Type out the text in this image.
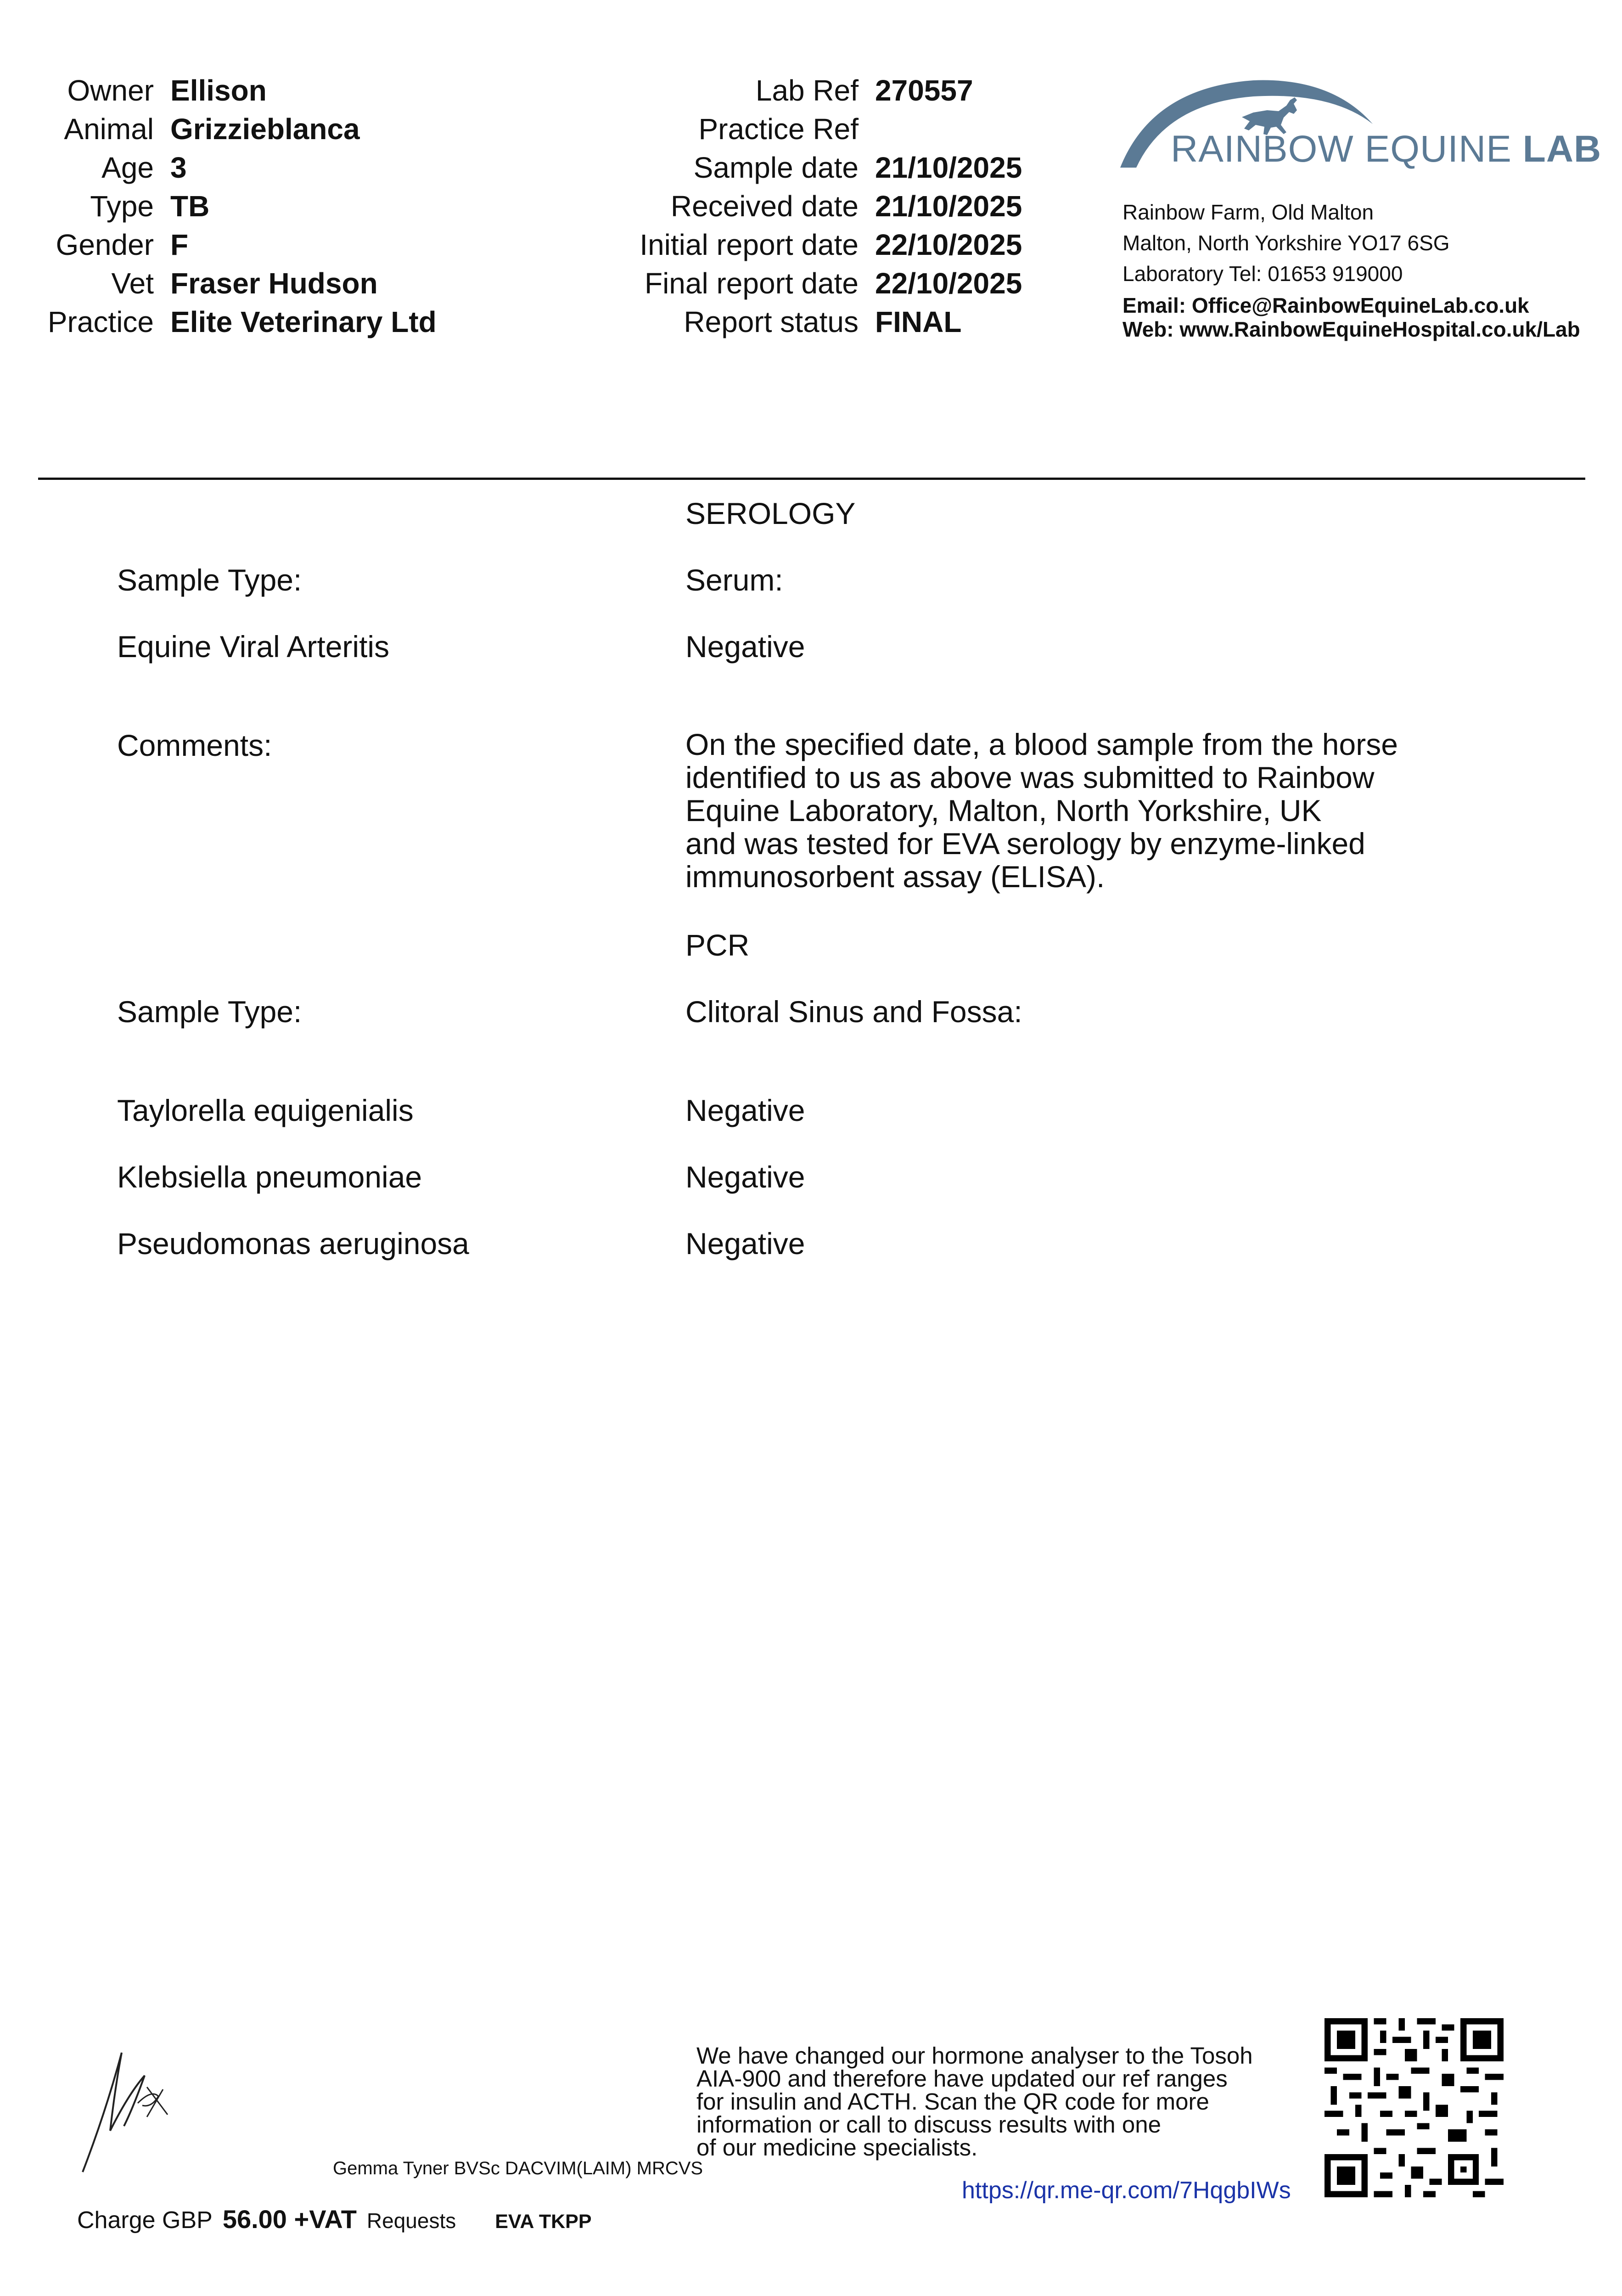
Owner Ellison
Animal Grizzieblanca
Age 3
Type TB
Gender F
Vet Fraser Hudson
Practice Elite Veterinary Ltd
Lab Ref 270557
Practice Ref
Sample date 21/10/2025
Received date 21/10/2025
Initial report date 22/10/2025
Final report date 22/10/2025
Report status FINAL
RAINBOW EQUINE LAB
Rainbow Farm, Old Malton
Malton, North Yorkshire YO17 6SG
Laboratory Tel: 01653 919000
Email: Office@RainbowEquineLab.co.uk
Web: www.RainbowEquineHospital.co.uk/Lab
SEROLOGY
Sample Type:	Serum:
Equine Viral Arteritis	Negative
Comments:	On the specified date, a blood sample from the horse
identified to us as above was submitted to Rainbow
Equine Laboratory, Malton, North Yorkshire, UK
and was tested for EVA serology by enzyme-linked
immunosorbent assay (ELISA).
PCR
Sample Type:	Clitoral Sinus and Fossa:
Taylorella equigenialis	Negative
Klebsiella pneumoniae	Negative
Pseudomonas aeruginosa	Negative
Gemma Tyner BVSc DACVIM(LAIM) MRCVS
We have changed our hormone analyser to the Tosoh
AIA-900 and therefore have updated our ref ranges
for insulin and ACTH. Scan the QR code for more
information or call to discuss results with one
of our medicine specialists.
https://qr.me-qr.com/7HqgbIWs
Charge GBP 56.00 +VAT Requests EVA TKPP
